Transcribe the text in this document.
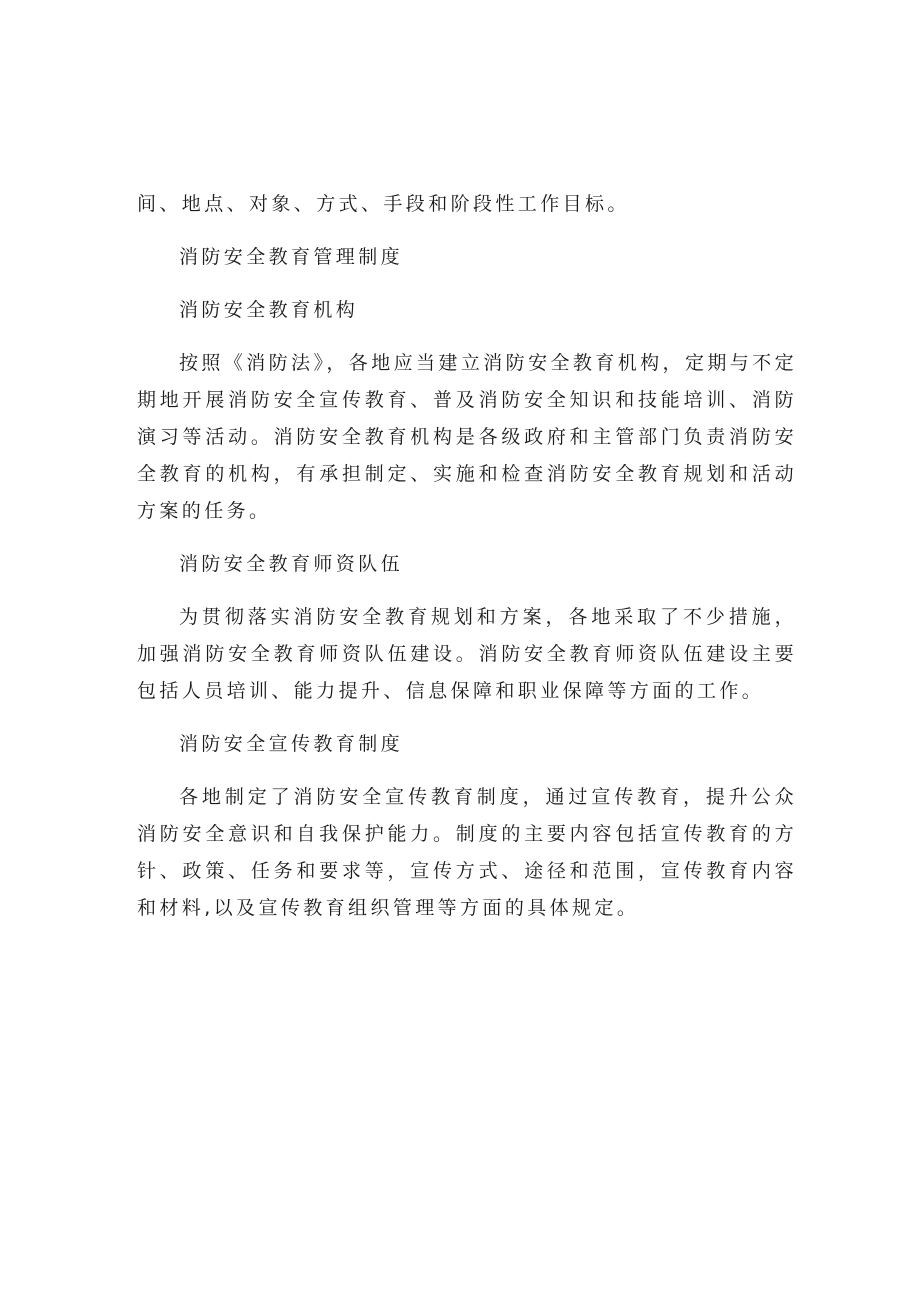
间、地点、对象、方式、手段和阶段性工作目标。

消防安全教育管理制度

消防安全教育机构

按照《消防法》，各地应当建立消防安全教育机构，定期与不定期地开展消防安全宣传教育、普及消防安全知识和技能培训、消防演习等活动。消防安全教育机构是各级政府和主管部门负责消防安全教育的机构，有承担制定、实施和检查消防安全教育规划和活动方案的任务。

消防安全教育师资队伍

为贯彻落实消防安全教育规划和方案，各地采取了不少措施，加强消防安全教育师资队伍建设。消防安全教育师资队伍建设主要包括人员培训、能力提升、信息保障和职业保障等方面的工作。

消防安全宣传教育制度

各地制定了消防安全宣传教育制度，通过宣传教育，提升公众消防安全意识和自我保护能力。制度的主要内容包括宣传教育的方针、政策、任务和要求等，宣传方式、途径和范围，宣传教育内容和材料,以及宣传教育组织管理等方面的具体规定。
